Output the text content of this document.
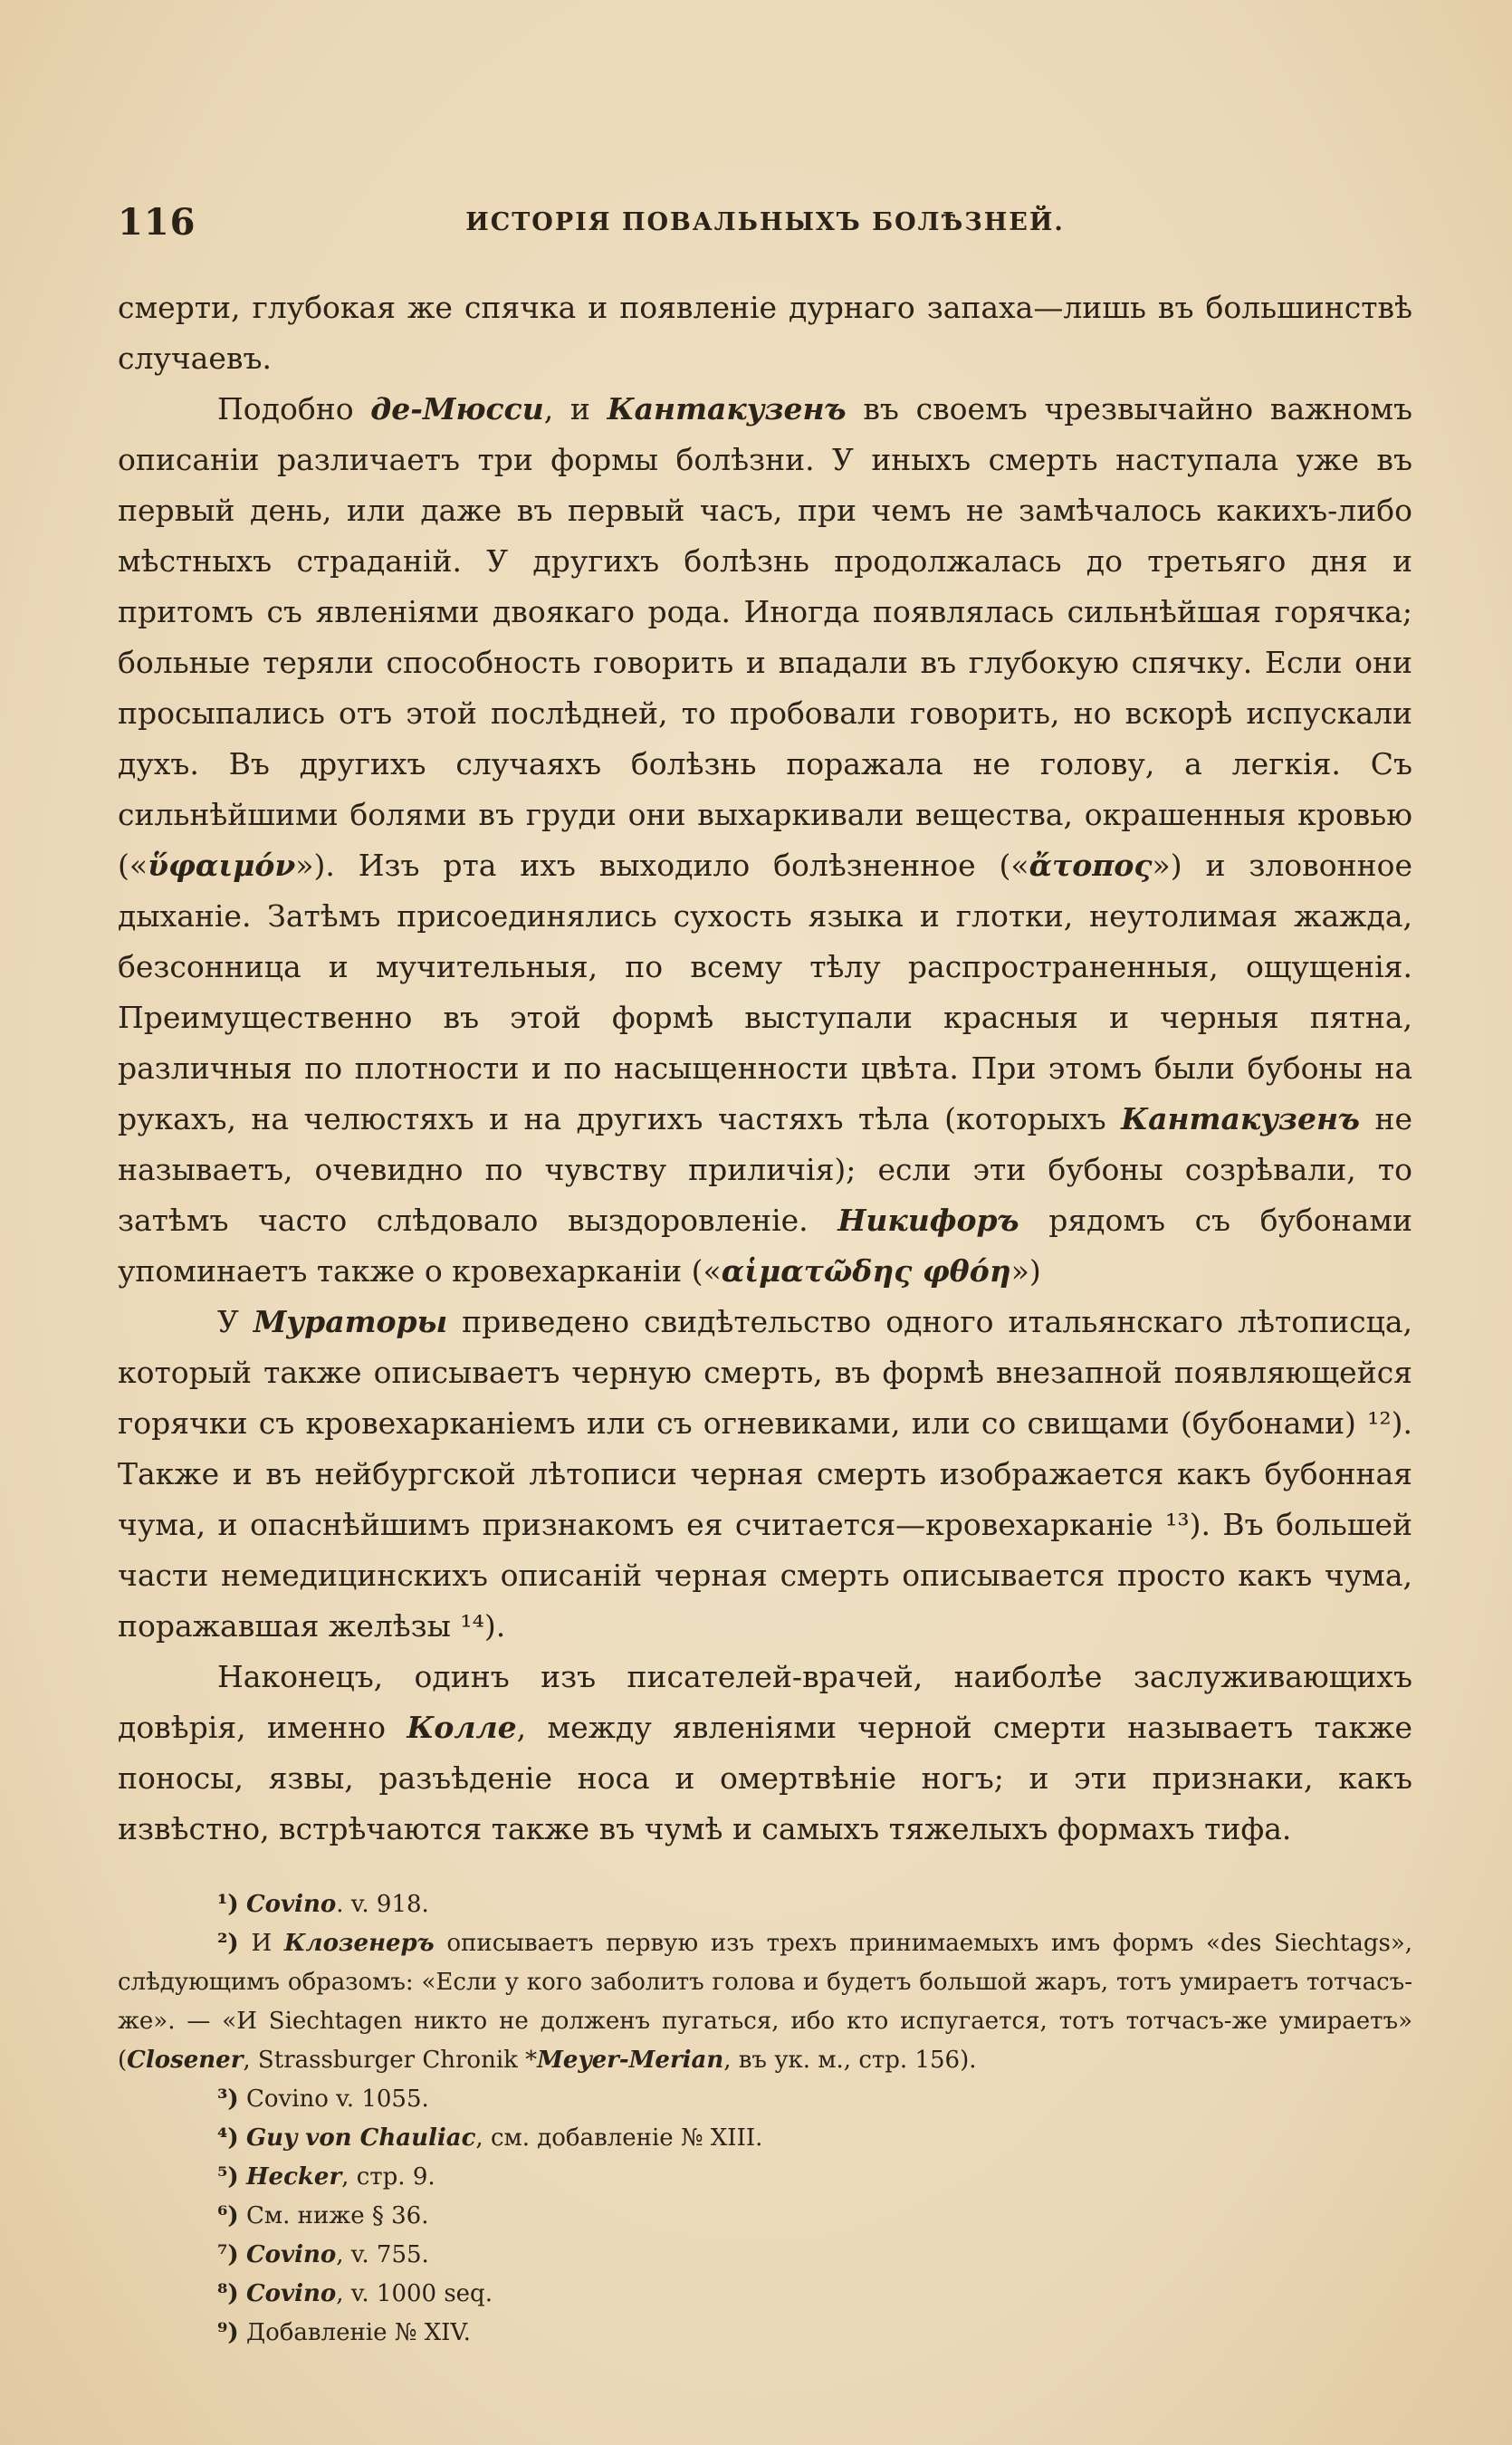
116	ИСТОРІЯ ПОВАЛЬНЫХЪ БОЛѢЗНЕЙ.

смерти, глубокая же спячка и появленіе дурнаго запаха—лишь въ большинствѣ случаевъ.

Подобно де-Мюсси, и Кантакузенъ въ своемъ чрезвычайно важномъ описаніи различаетъ три формы болѣзни. У иныхъ смерть наступала уже въ первый день, или даже въ первый часъ, при чемъ не замѣчалось какихъ-либо мѣстныхъ страданій. У другихъ болѣзнь продолжалась до третьяго дня и притомъ съ явленіями двоякаго рода. Иногда появлялась сильнѣйшая горячка; больные теряли способность говорить и впадали въ глубокую спячку. Если они просыпались отъ этой послѣдней, то пробовали говорить, но вскорѣ испускали духъ. Въ другихъ случаяхъ болѣзнь поражала не голову, а легкія. Съ сильнѣйшими болями въ груди они выхаркивали вещества, окрашенныя кровью («ὕφαιμόν»). Изъ рта ихъ выходило болѣзненное («ἄτοπος») и зловонное дыханіе. Затѣмъ присоединялись сухость языка и глотки, неутолимая жажда, безсонница и мучительныя, по всему тѣлу распространенныя, ощущенія. Преимущественно въ этой формѣ выступали красныя и черныя пятна, различныя по плотности и по насыщенности цвѣта. При этомъ были бубоны на рукахъ, на челюстяхъ и на другихъ частяхъ тѣла (которыхъ Кантакузенъ не называетъ, очевидно по чувству приличія); если эти бубоны созрѣвали, то затѣмъ часто слѣдовало выздоровленіе. Никифоръ рядомъ съ бубонами упоминаетъ также о кровехарканіи («αἱματῶδης φθόη»)

У Мураторы приведено свидѣтельство одного итальянскаго лѣтописца, который также описываетъ черную смерть, въ формѣ внезапной появляющейся горячки съ кровехарканіемъ или съ огневиками, или со свищами (бубонами) ¹²). Также и въ нейбургской лѣтописи черная смерть изображается какъ бубонная чума, и опаснѣйшимъ признакомъ ея считается—кровехарканіе ¹³). Въ большей части немедицинскихъ описаній черная смерть описывается просто какъ чума, поражавшая желѣзы ¹⁴).

Наконецъ, одинъ изъ писателей-врачей, наиболѣе заслуживающихъ довѣрія, именно Колле, между явленіями черной смерти называетъ также поносы, язвы, разъѣденіе носа и омертвѣніе ногъ; и эти признаки, какъ извѣстно, встрѣчаются также въ чумѣ и самыхъ тяжелыхъ формахъ тифа.

¹) Covino. v. 918.

²) И Клозенеръ описываетъ первую изъ трехъ принимаемыхъ имъ формъ «des Siechtags», слѣдующимъ образомъ: «Если у кого заболитъ голова и будетъ большой жаръ, тотъ умираетъ тотчасъ-же». — «И Siechtagen никто не долженъ пугаться, ибо кто испугается, тотъ тотчасъ-же умираетъ» (Closener, Strassburger Chronik *Meyer-Merian, въ ук. м., стр. 156).

³) Covino v. 1055.

⁴) Guy von Chauliac, см. добавленіе № XIII.

⁵) Hecker, стр. 9.

⁶) См. ниже § 36.

⁷) Covino, v. 755.

⁸) Covino, v. 1000 seq.

⁹) Добавленіе № XIV.
